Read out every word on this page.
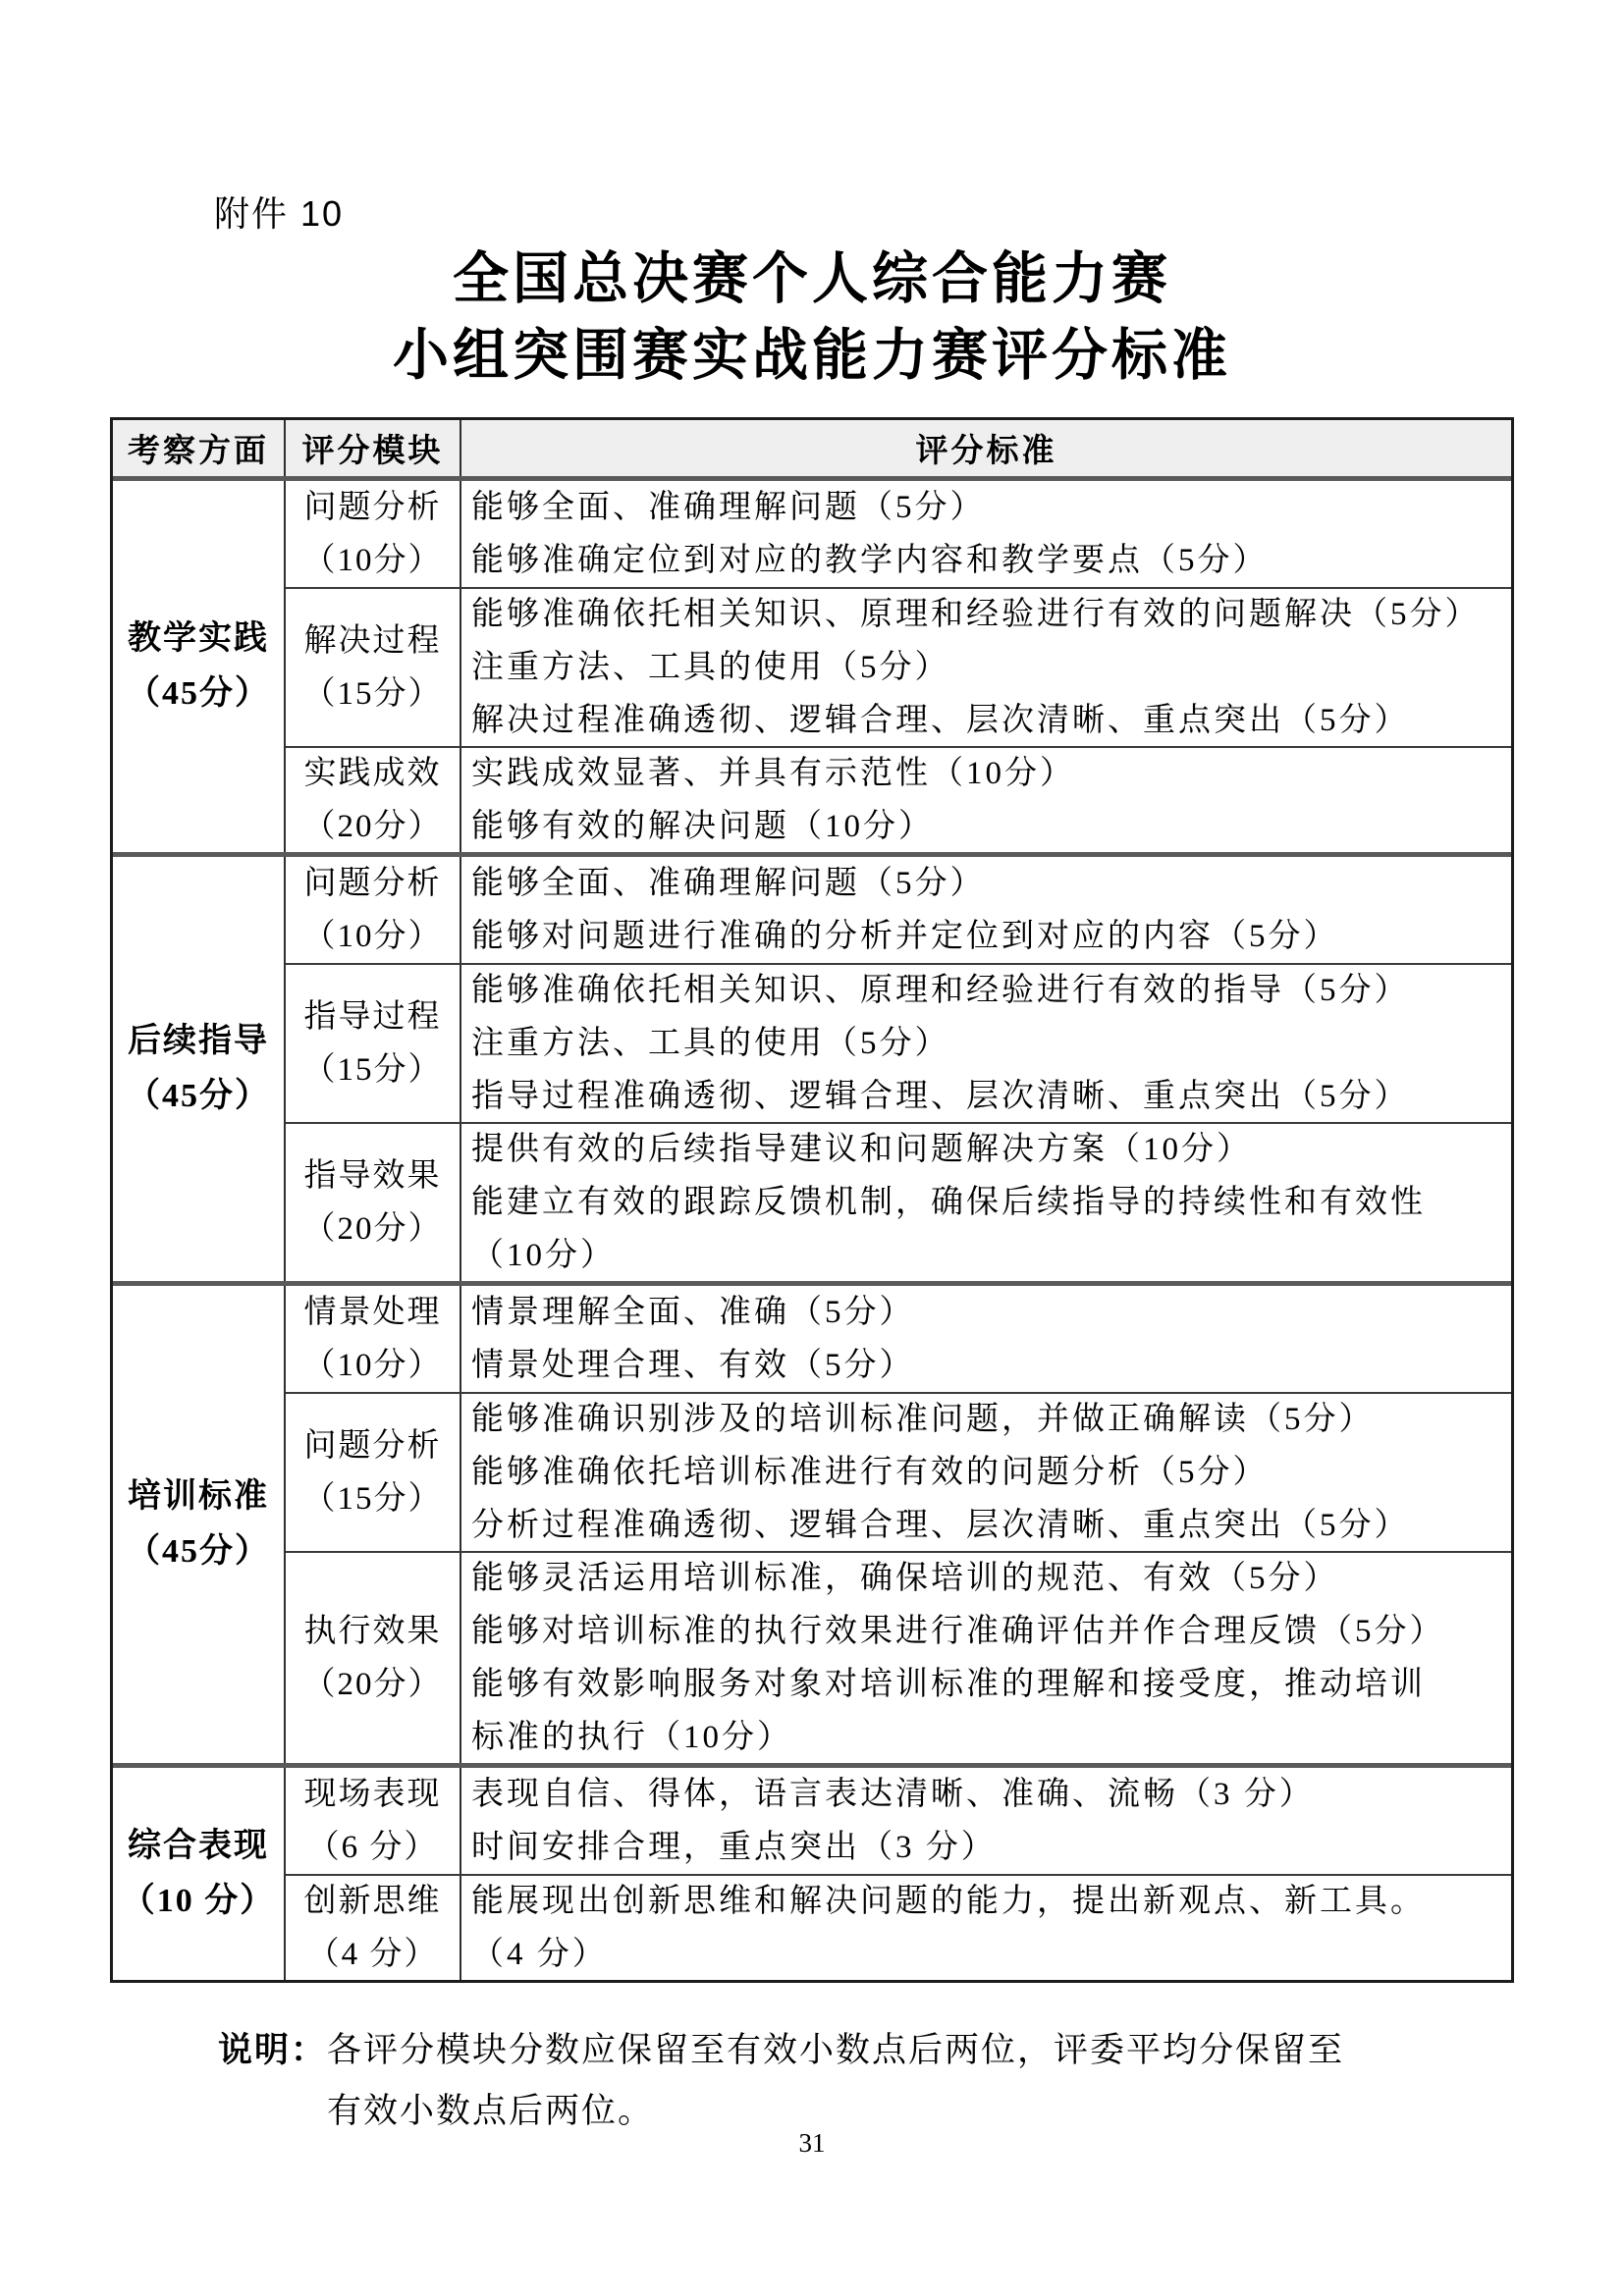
附件 10
全国总决赛个人综合能力赛
小组突围赛实战能力赛评分标准
考察方面	评分模块	评分标准
教学实践
（45分）
问题分析
（10分）
能够全面、准确理解问题（5分）
能够准确定位到对应的教学内容和教学要点（5分）
解决过程
（15分）
能够准确依托相关知识、原理和经验进行有效的问题解决（5分）
注重方法、工具的使用（5分）
解决过程准确透彻、逻辑合理、层次清晰、重点突出（5分）
实践成效
（20分）
实践成效显著、并具有示范性（10分）
能够有效的解决问题（10分）
后续指导
（45分）
问题分析
（10分）
能够全面、准确理解问题（5分）
能够对问题进行准确的分析并定位到对应的内容（5分）
指导过程
（15分）
能够准确依托相关知识、原理和经验进行有效的指导（5分）
注重方法、工具的使用（5分）
指导过程准确透彻、逻辑合理、层次清晰、重点突出（5分）
指导效果
（20分）
提供有效的后续指导建议和问题解决方案（10分）
能建立有效的跟踪反馈机制，确保后续指导的持续性和有效性
（10分）
培训标准
（45分）
情景处理
（10分）
情景理解全面、准确（5分）
情景处理合理、有效（5分）
问题分析
（15分）
能够准确识别涉及的培训标准问题，并做正确解读（5分）
能够准确依托培训标准进行有效的问题分析（5分）
分析过程准确透彻、逻辑合理、层次清晰、重点突出（5分）
执行效果
（20分）
能够灵活运用培训标准，确保培训的规范、有效（5分）
能够对培训标准的执行效果进行准确评估并作合理反馈（5分）
能够有效影响服务对象对培训标准的理解和接受度，推动培训
标准的执行（10分）
综合表现
（10 分）
现场表现
（6 分）
表现自信、得体，语言表达清晰、准确、流畅（3 分）
时间安排合理，重点突出（3 分）
创新思维
（4 分）
能展现出创新思维和解决问题的能力，提出新观点、新工具。
（4 分）
说明： 各评分模块分数应保留至有效小数点后两位，评委平均分保留至
有效小数点后两位。
31
